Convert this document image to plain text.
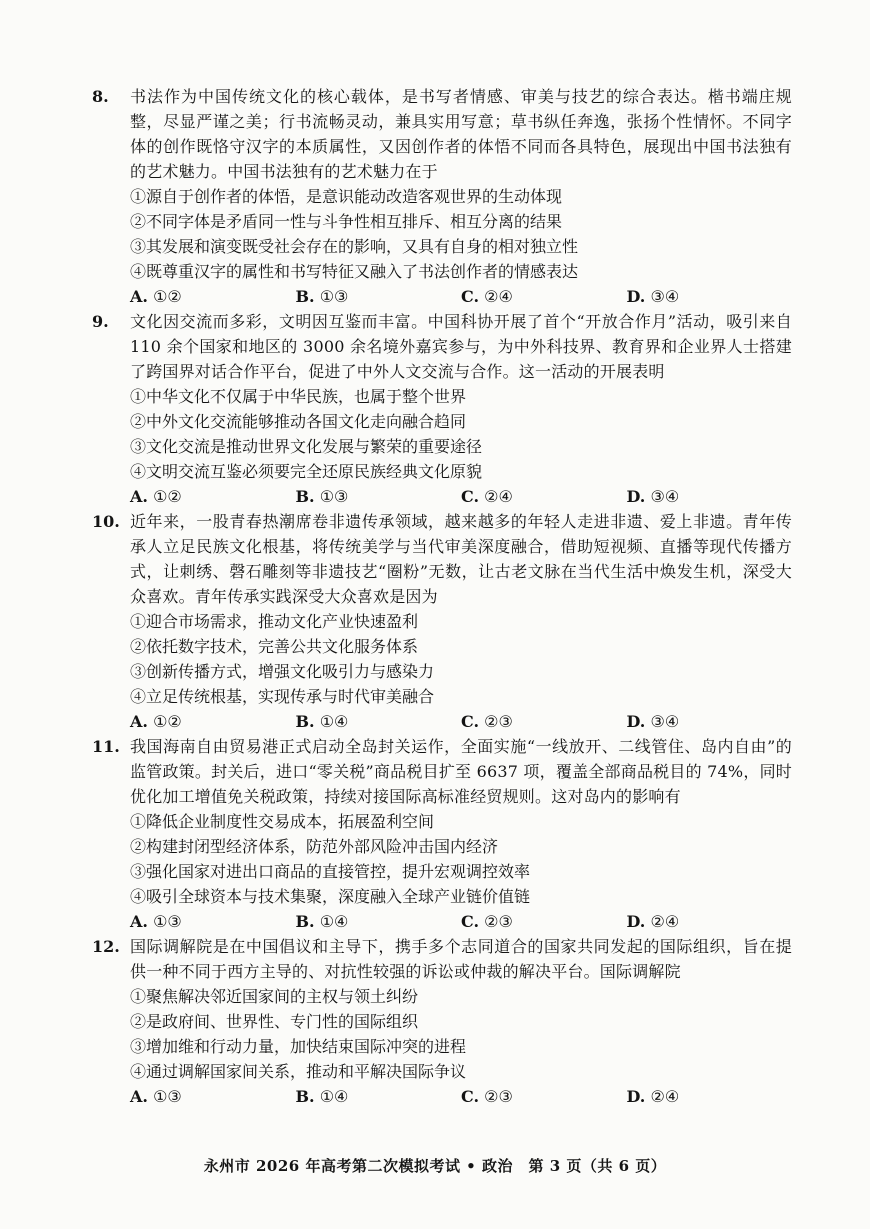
8.	书法作为中国传统文化的核心载体，是书写者情感、审美与技艺的综合表达。楷书端庄规整，尽显严谨之美；行书流畅灵动，兼具实用写意；草书纵任奔逸，张扬个性情怀。不同字体的创作既恪守汉字的本质属性，又因创作者的体悟不同而各具特色，展现出中国书法独有的艺术魅力。中国书法独有的艺术魅力在于
①源自于创作者的体悟，是意识能动改造客观世界的生动体现
②不同字体是矛盾同一性与斗争性相互排斥、相互分离的结果
③其发展和演变既受社会存在的影响，又具有自身的相对独立性
④既尊重汉字的属性和书写特征又融入了书法创作者的情感表达
A. ①②	B. ①③	C. ②④	D. ③④
9.	文化因交流而多彩，文明因互鉴而丰富。中国科协开展了首个“开放合作月”活动，吸引来自 110 余个国家和地区的 3000 余名境外嘉宾参与，为中外科技界、教育界和企业界人士搭建了跨国界对话合作平台，促进了中外人文交流与合作。这一活动的开展表明
①中华文化不仅属于中华民族，也属于整个世界
②中外文化交流能够推动各国文化走向融合趋同
③文化交流是推动世界文化发展与繁荣的重要途径
④文明交流互鉴必须要完全还原民族经典文化原貌
A. ①②	B. ①③	C. ②④	D. ③④
10. 近年来，一股青春热潮席卷非遗传承领域，越来越多的年轻人走进非遗、爱上非遗。青年传承人立足民族文化根基，将传统美学与当代审美深度融合，借助短视频、直播等现代传播方式，让刺绣、磬石雕刻等非遗技艺“圈粉”无数，让古老文脉在当代生活中焕发生机，深受大众喜欢。青年传承实践深受大众喜欢是因为
①迎合市场需求，推动文化产业快速盈利
②依托数字技术，完善公共文化服务体系
③创新传播方式，增强文化吸引力与感染力
④立足传统根基，实现传承与时代审美融合
A. ①②	B. ①④	C. ②③	D. ③④
11. 我国海南自由贸易港正式启动全岛封关运作，全面实施“一线放开、二线管住、岛内自由”的监管政策。封关后，进口“零关税”商品税目扩至 6637 项，覆盖全部商品税目的 74%，同时优化加工增值免关税政策，持续对接国际高标准经贸规则。这对岛内的影响有
①降低企业制度性交易成本，拓展盈利空间
②构建封闭型经济体系，防范外部风险冲击国内经济
③强化国家对进出口商品的直接管控，提升宏观调控效率
④吸引全球资本与技术集聚，深度融入全球产业链价值链
A. ①③	B. ①④	C. ②③	D. ②④
12. 国际调解院是在中国倡议和主导下，携手多个志同道合的国家共同发起的国际组织，旨在提供一种不同于西方主导的、对抗性较强的诉讼或仲裁的解决平台。国际调解院
①聚焦解决邻近国家间的主权与领土纠纷
②是政府间、世界性、专门性的国际组织
③增加维和行动力量，加快结束国际冲突的进程
④通过调解国家间关系，推动和平解决国际争议
A. ①③	B. ①④	C. ②③	D. ②④
永州市 2026 年高考第二次模拟考试 • 政治　第 3 页（共 6 页）
